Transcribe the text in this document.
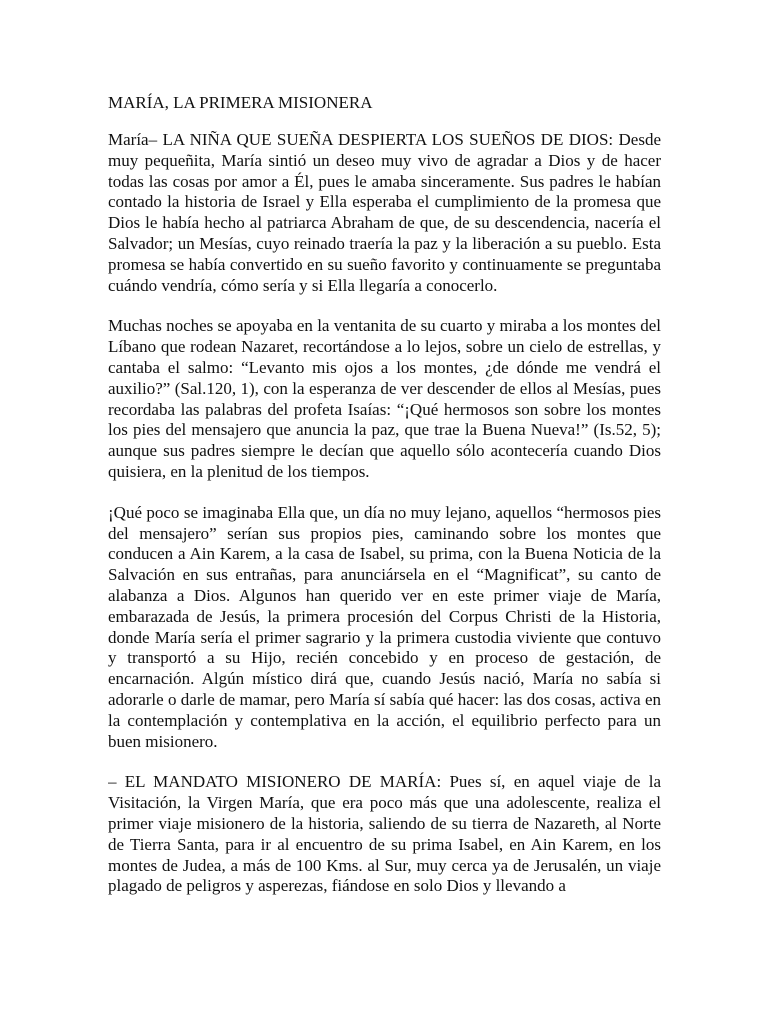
MARÍA, LA PRIMERA MISIONERA

María– LA NIÑA QUE SUEÑA DESPIERTA LOS SUEÑOS DE DIOS: Desde muy pequeñita, María sintió un deseo muy vivo de agradar a Dios y de hacer todas las cosas por amor a Él, pues le amaba sinceramente. Sus padres le habían contado la historia de Israel y Ella esperaba el cumplimiento de la promesa que Dios le había hecho al patriarca Abraham de que, de su descendencia, nacería el Salvador; un Mesías, cuyo reinado traería la paz y la liberación a su pueblo. Esta promesa se había convertido en su sueño favorito y continuamente se preguntaba cuándo vendría, cómo sería y si Ella llegaría a conocerlo.

Muchas noches se apoyaba en la ventanita de su cuarto y miraba a los montes del Líbano que rodean Nazaret, recortándose a lo lejos, sobre un cielo de estrellas, y cantaba el salmo: “Levanto mis ojos a los montes, ¿de dónde me vendrá el auxilio?” (Sal.120, 1), con la esperanza de ver descender de ellos al Mesías, pues recordaba las palabras del profeta Isaías: “¡Qué hermosos son sobre los montes los pies del mensajero que anuncia la paz, que trae la Buena Nueva!” (Is.52, 5); aunque sus padres siempre le decían que aquello sólo acontecería cuando Dios quisiera, en la plenitud de los tiempos.

¡Qué poco se imaginaba Ella que, un día no muy lejano, aquellos “hermosos pies del mensajero” serían sus propios pies, caminando sobre los montes que conducen a Ain Karem, a la casa de Isabel, su prima, con la Buena Noticia de la Salvación en sus entrañas, para anunciársela en el “Magnificat”, su canto de alabanza a Dios. Algunos han querido ver en este primer viaje de María, embarazada de Jesús, la primera procesión del Corpus Christi de la Historia, donde María sería el primer sagrario y la primera custodia viviente que contuvo y transportó a su Hijo, recién concebido y en proceso de gestación, de encarnación. Algún místico dirá que, cuando Jesús nació, María no sabía si adorarle o darle de mamar, pero María sí sabía qué hacer: las dos cosas, activa en la contemplación y contemplativa en la acción, el equilibrio perfecto para un buen misionero.

– EL MANDATO MISIONERO DE MARÍA: Pues sí, en aquel viaje de la Visitación, la Virgen María, que era poco más que una adolescente, realiza el primer viaje misionero de la historia, saliendo de su tierra de Nazareth, al Norte de Tierra Santa, para ir al encuentro de su prima Isabel, en Ain Karem, en los montes de Judea, a más de 100 Kms. al Sur, muy cerca ya de Jerusalén, un viaje plagado de peligros y asperezas, fiándose en solo Dios y llevando a
